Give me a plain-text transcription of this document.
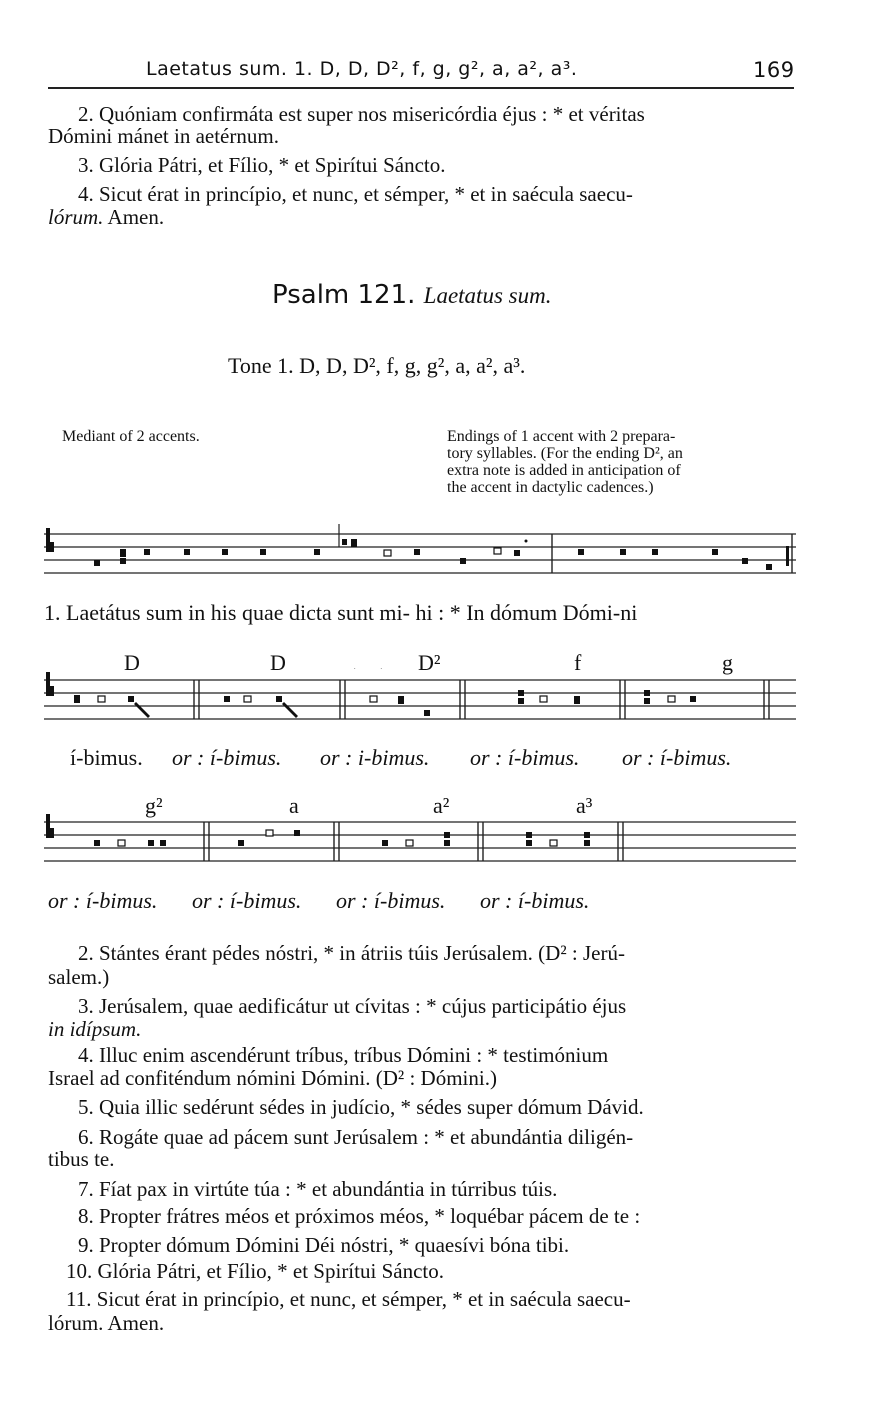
Laetatus sum. 1. D, D, D², f, g, g², a, a², a³.	169
2. Quóniam confirmáta est super nos misericórdia éjus : * et véritas
Dómini mánet in aetérnum.
3. Glória Pátri, et Fílio, * et Spirítui Sáncto.
4. Sicut érat in princípio, et nunc, et sémper, * et in saécula saecu-
lórum. Amen.
Psalm 121. Laetatus sum.
Tone 1. D, D, D², f, g, g², a, a², a³.
Mediant of 2 accents.	Endings of 1 accent with 2 prepara-
tory syllables. (For the ending D², an
extra note is added in anticipation of
the accent in dactylic cadences.)
1. Laetátus sum in his quae dicta sunt mi- hi : * In dómum Dómi-ni
D	D	D²	f	g
í-bimus. or : í-bimus. or : i-bimus. or : í-bimus. or : í-bimus.
g²	a	a²	a³
or : í-bimus. or : í-bimus. or : í-bimus. or : í-bimus.
2. Stántes érant pédes nóstri, * in átriis túis Jerúsalem. (D² : Jerú-
salem.)
3. Jerúsalem, quae aedificátur ut cívitas : * cújus participátio éjus
in idípsum.
4. Illuc enim ascendérunt tríbus, tríbus Dómini : * testimónium
Israel ad confiténdum nómini Dómini. (D² : Dómini.)
5. Quia illic sedérunt sédes in judício, * sédes super dómum Dávid.
6. Rogáte quae ad pácem sunt Jerúsalem : * et abundántia diligén-
tibus te.
7. Fíat pax in virtúte túa : * et abundántia in túrribus túis.
8. Propter frátres méos et próximos méos, * loquébar pácem de te :
9. Propter dómum Dómini Déi nóstri, * quaesívi bóna tibi.
10. Glória Pátri, et Fílio, * et Spirítui Sáncto.
11. Sicut érat in princípio, et nunc, et sémper, * et in saécula saecu-
lórum. Amen.
